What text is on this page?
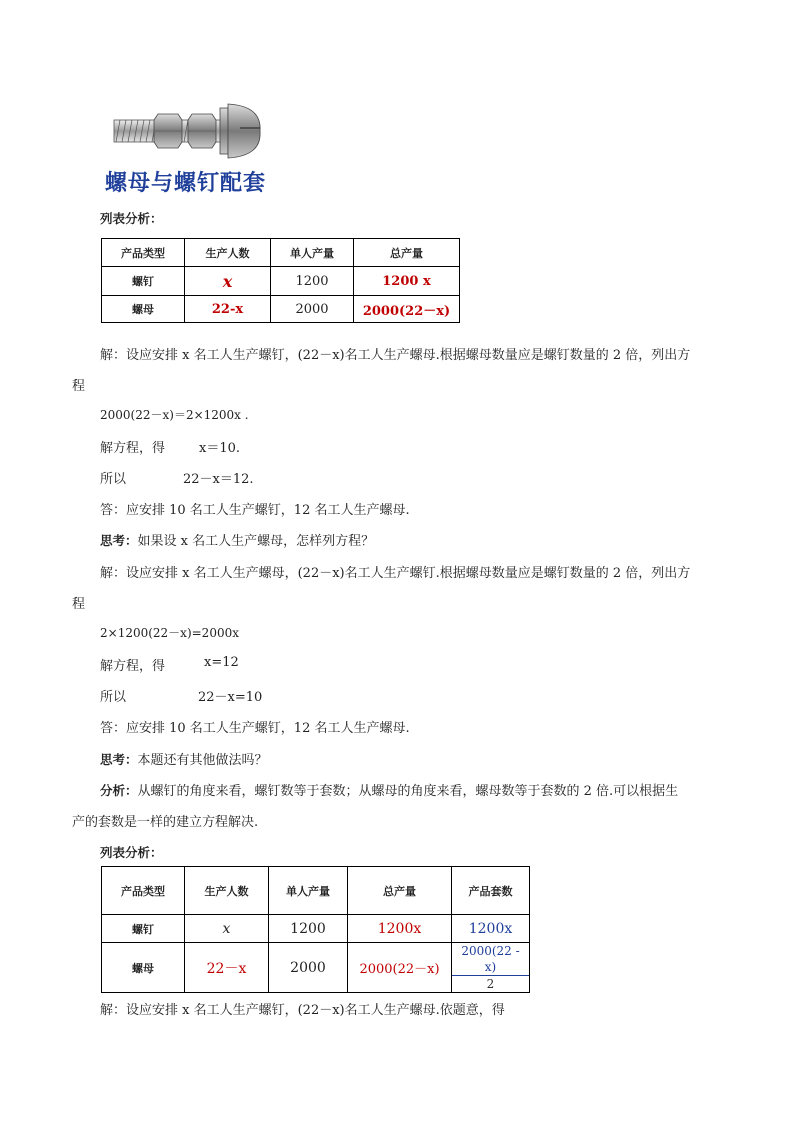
螺母与螺钉配套
列表分析：
产品类型	生产人数	单人产量	总产量
螺钉	x	1200	1200 x
螺母	22-x	2000	2000(22－x)
解：设应安排 x 名工人生产螺钉，(22－x)名工人生产螺母.根据螺母数量应是螺钉数量的 2 倍，列出方
程
2000(22－x)＝2×1200x .
解方程，得	x＝10.
所以	22－x＝12.
答：应安排 10 名工人生产螺钉，12 名工人生产螺母.
思考：如果设 x 名工人生产螺母，怎样列方程？
解：设应安排 x 名工人生产螺母，(22－x)名工人生产螺钉.根据螺母数量应是螺钉数量的 2 倍，列出方
程
2×1200(22－x)=2000x
解方程，得	x=12
所以	22－x=10
答：应安排 10 名工人生产螺钉，12 名工人生产螺母.
思考：本题还有其他做法吗？
分析：从螺钉的角度来看，螺钉数等于套数；从螺母的角度来看，螺母数等于套数的 2 倍.可以根据生
产的套数是一样的建立方程解决.
列表分析：
产品类型	生产人数	单人产量	总产量	产品套数
螺钉	x	1200	1200x	1200x
螺母	22－x	2000	2000(22－x)	$\frac{2000(22 - x)}{2}$
解：设应安排 x 名工人生产螺钉，(22－x)名工人生产螺母.依题意，得
